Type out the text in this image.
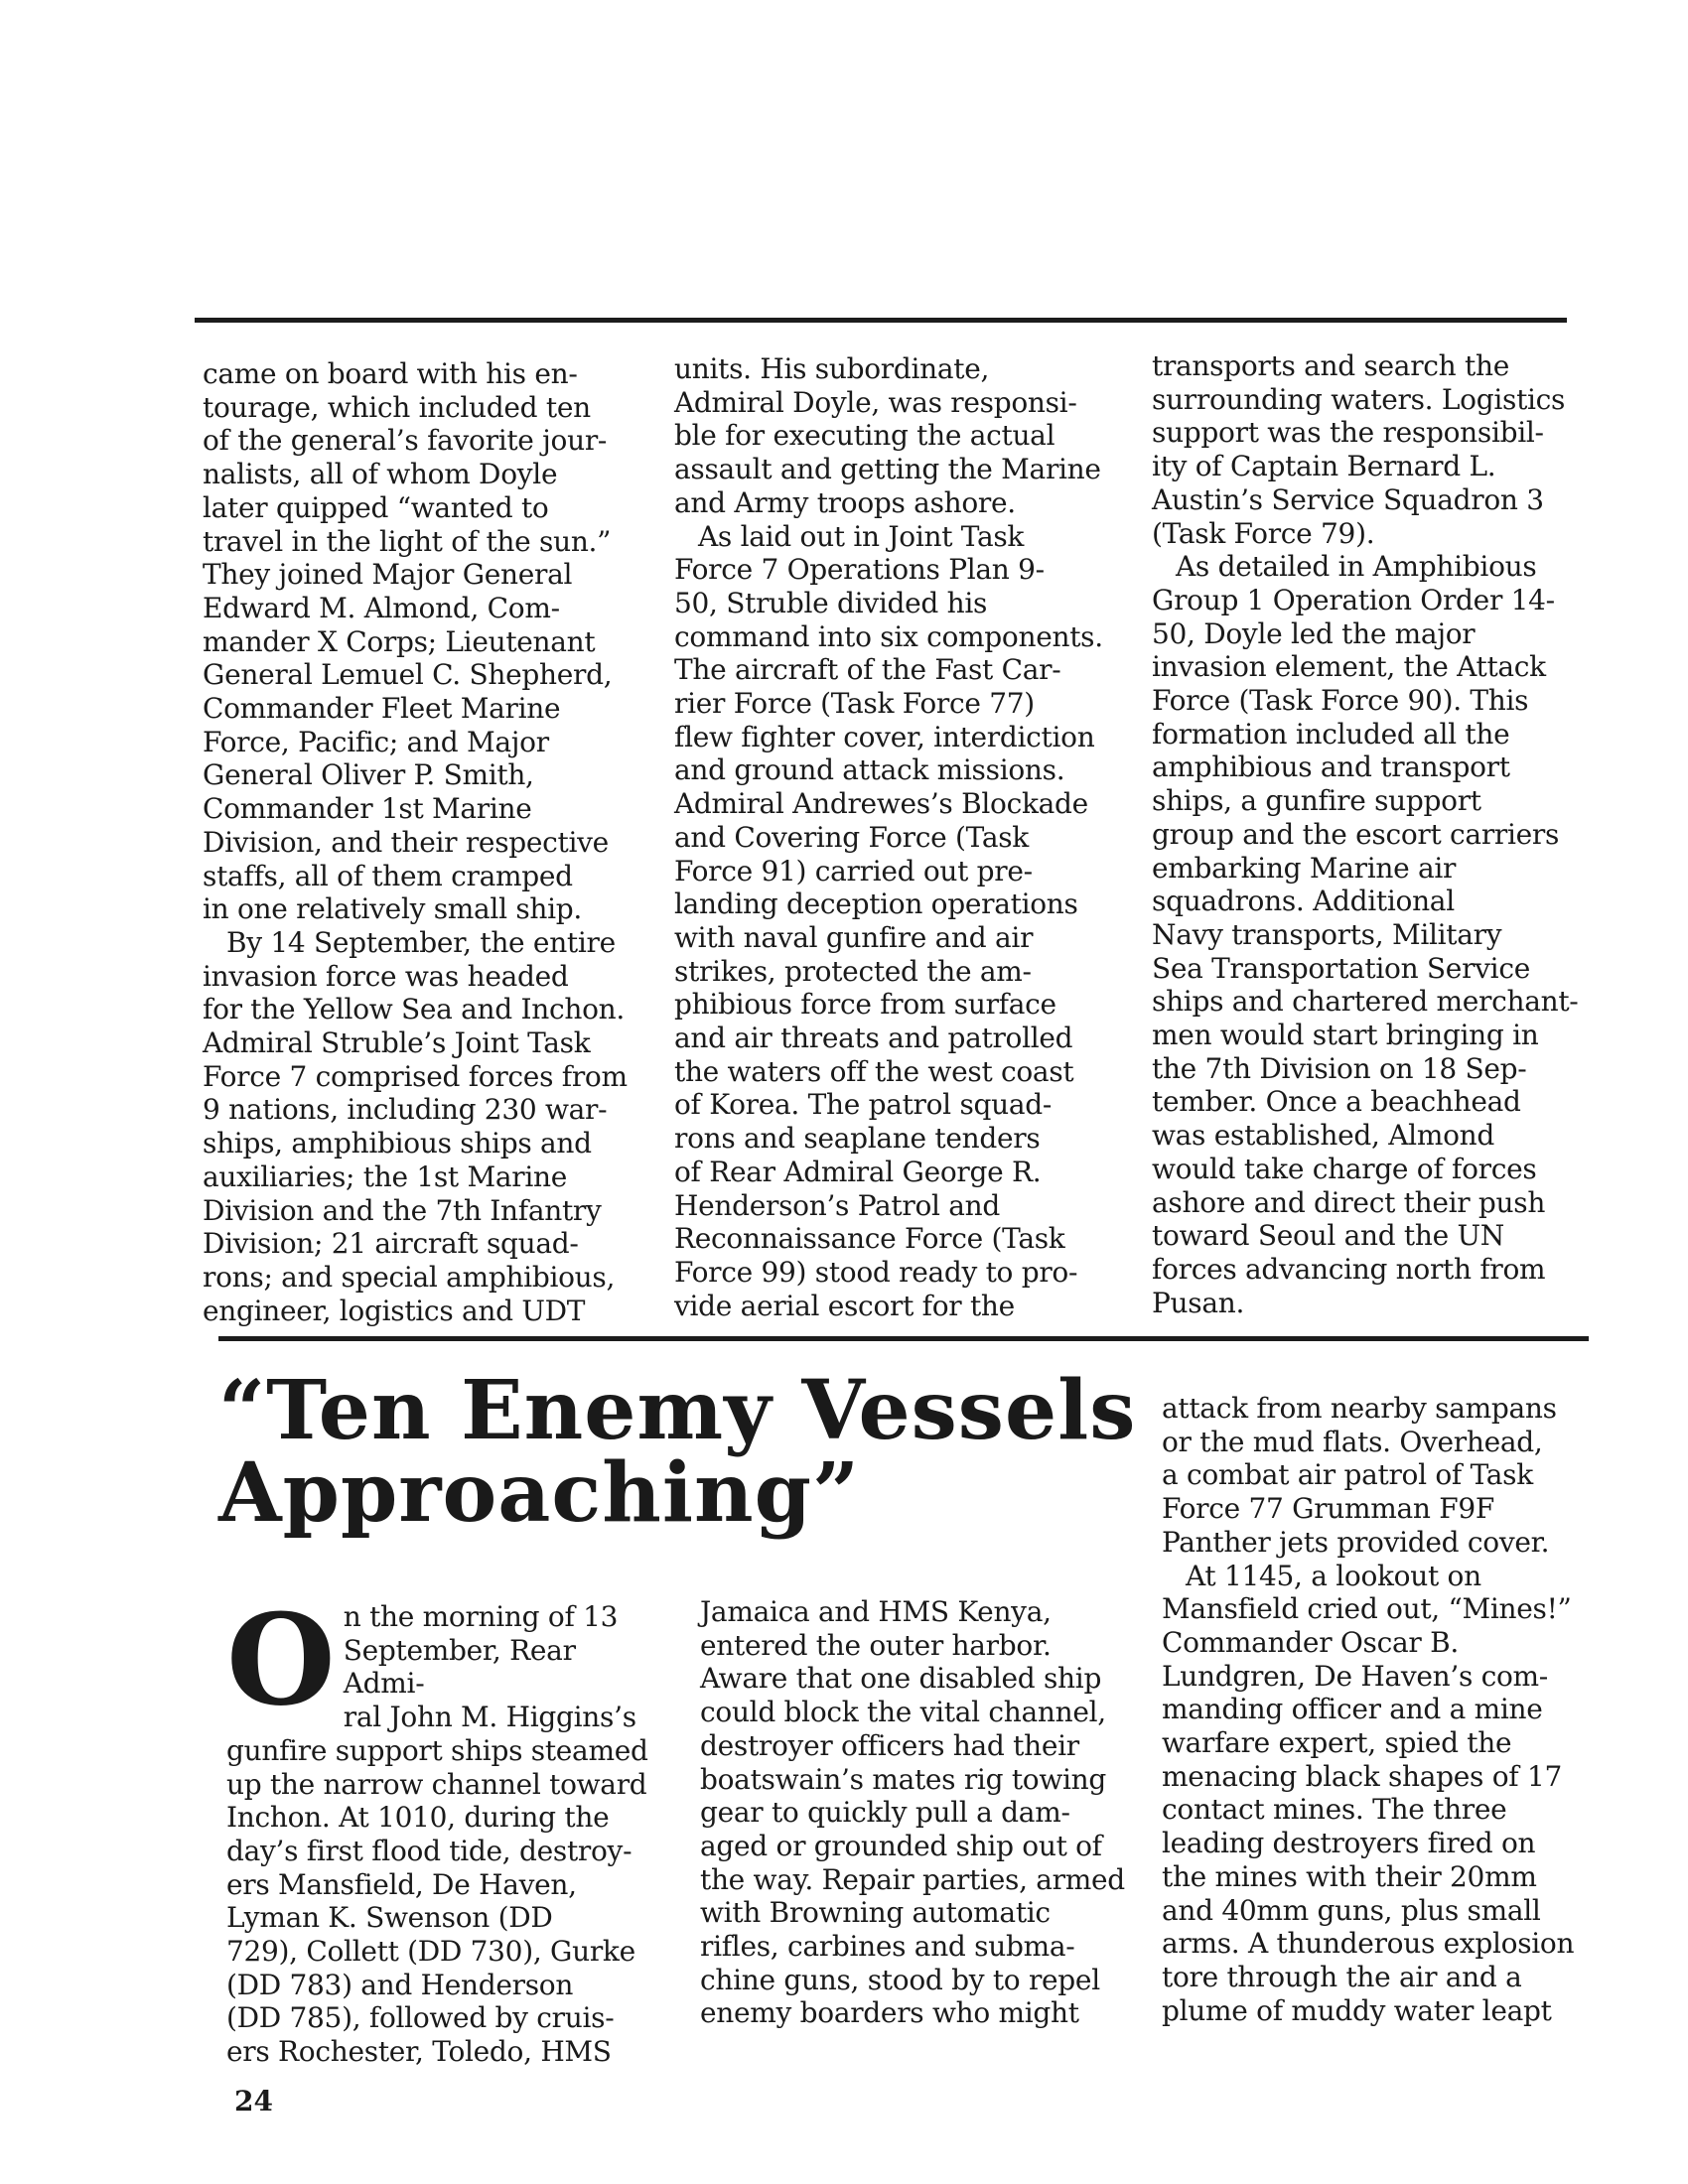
came on board with his en-
tourage, which included ten
of the general’s favorite jour-
nalists, all of whom Doyle
later quipped “wanted to
travel in the light of the sun.”
They joined Major General
Edward M. Almond, Com-
mander X Corps; Lieutenant
General Lemuel C. Shepherd,
Commander Fleet Marine
Force, Pacific; and Major
General Oliver P. Smith,
Commander 1st Marine
Division, and their respective
staffs, all of them cramped
in one relatively small ship.

By 14 September, the entire
invasion force was headed
for the Yellow Sea and Inchon.
Admiral Struble’s Joint Task
Force 7 comprised forces from
9 nations, including 230 war-
ships, amphibious ships and
auxiliaries; the 1st Marine
Division and the 7th Infantry
Division; 21 aircraft squad-
rons; and special amphibious,
engineer, logistics and UDT

units. His subordinate,
Admiral Doyle, was responsi-
ble for executing the actual
assault and getting the Marine
and Army troops ashore.

As laid out in Joint Task
Force 7 Operations Plan 9-
50, Struble divided his
command into six components.
The aircraft of the Fast Car-
rier Force (Task Force 77)
flew fighter cover, interdiction
and ground attack missions.
Admiral Andrewes’s Blockade
and Covering Force (Task
Force 91) carried out pre-
landing deception operations
with naval gunfire and air
strikes, protected the am-
phibious force from surface
and air threats and patrolled
the waters off the west coast
of Korea. The patrol squad-
rons and seaplane tenders
of Rear Admiral George R.
Henderson’s Patrol and
Reconnaissance Force (Task
Force 99) stood ready to pro-
vide aerial escort for the

transports and search the
surrounding waters. Logistics
support was the responsibil-
ity of Captain Bernard L.
Austin’s Service Squadron 3
(Task Force 79).

As detailed in Amphibious
Group 1 Operation Order 14-
50, Doyle led the major
invasion element, the Attack
Force (Task Force 90). This
formation included all the
amphibious and transport
ships, a gunfire support
group and the escort carriers
embarking Marine air
squadrons. Additional
Navy transports, Military
Sea Transportation Service
ships and chartered merchant-
men would start bringing in
the 7th Division on 18 Sep-
tember. Once a beachhead
was established, Almond
would take charge of forces
ashore and direct their push
toward Seoul and the UN
forces advancing north from
Pusan.

“Ten Enemy Vessels
Approaching”
O n the morning of 13
September, Rear Admi-
ral John M. Higgins’s
gunfire support ships steamed
up the narrow channel toward
Inchon. At 1010, during the
day’s first flood tide, destroy-
ers Mansfield, De Haven,
Lyman K. Swenson (DD
729), Collett (DD 730), Gurke
(DD 783) and Henderson
(DD 785), followed by cruis-
ers Rochester, Toledo, HMS

Jamaica and HMS Kenya,
entered the outer harbor.
Aware that one disabled ship
could block the vital channel,
destroyer officers had their
boatswain’s mates rig towing
gear to quickly pull a dam-
aged or grounded ship out of
the way. Repair parties, armed
with Browning automatic
rifles, carbines and subma-
chine guns, stood by to repel
enemy boarders who might

attack from nearby sampans
or the mud flats. Overhead,
a combat air patrol of Task
Force 77 Grumman F9F
Panther jets provided cover.

At 1145, a lookout on
Mansfield cried out, “Mines!”
Commander Oscar B.
Lundgren, De Haven’s com-
manding officer and a mine
warfare expert, spied the
menacing black shapes of 17
contact mines. The three
leading destroyers fired on
the mines with their 20mm
and 40mm guns, plus small
arms. A thunderous explosion
tore through the air and a
plume of muddy water leapt

24
